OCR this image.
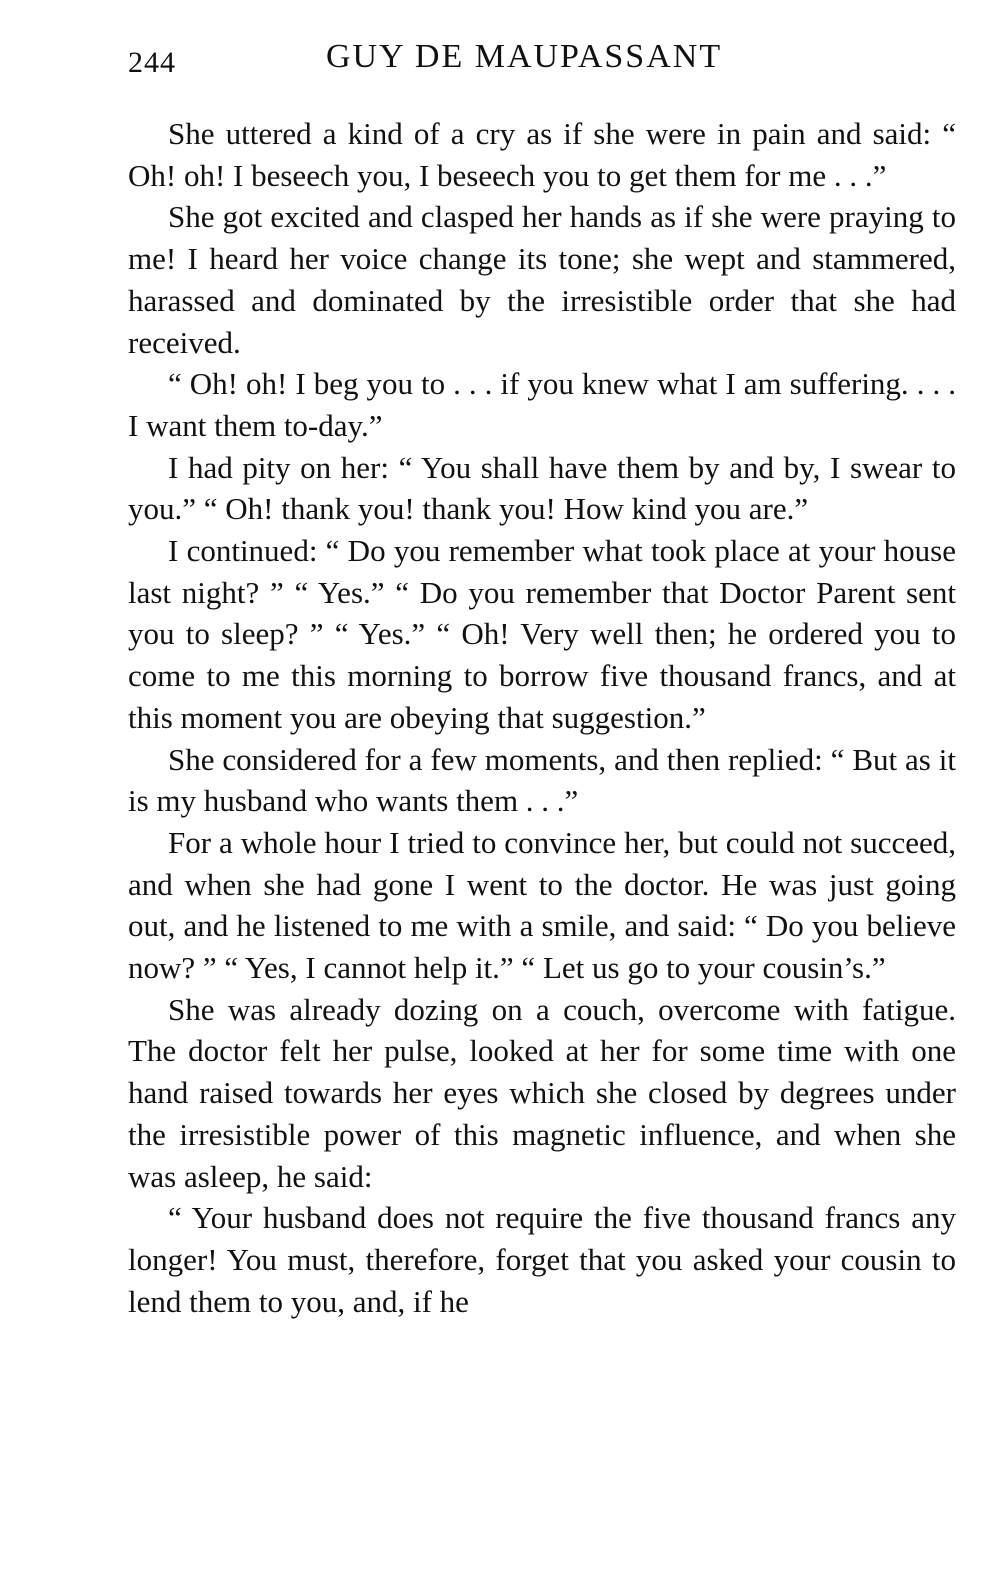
244	GUY DE MAUPASSANT

She uttered a kind of a cry as if she were in pain and said: “ Oh! oh! I beseech you, I beseech you to get them for me . . .”

She got excited and clasped her hands as if she were praying to me! I heard her voice change its tone; she wept and stammered, harassed and dominated by the irresistible order that she had received.

“ Oh! oh! I beg you to . . . if you knew what I am suffering. . . . I want them to-day.”

I had pity on her: “ You shall have them by and by, I swear to you.” “ Oh! thank you! thank you! How kind you are.”

I continued: “ Do you remember what took place at your house last night? ” “ Yes.” “ Do you remember that Doctor Parent sent you to sleep? ” “ Yes.” “ Oh! Very well then; he ordered you to come to me this morning to borrow five thousand francs, and at this moment you are obeying that suggestion.”

She considered for a few moments, and then replied: “ But as it is my husband who wants them . . .”

For a whole hour I tried to convince her, but could not succeed, and when she had gone I went to the doctor. He was just going out, and he listened to me with a smile, and said: “ Do you believe now? ” “ Yes, I cannot help it.” “ Let us go to your cousin’s.”

She was already dozing on a couch, overcome with fatigue. The doctor felt her pulse, looked at her for some time with one hand raised towards her eyes which she closed by degrees under the irresistible power of this magnetic influence, and when she was asleep, he said:

“ Your husband does not require the five thousand francs any longer! You must, therefore, forget that you asked your cousin to lend them to you, and, if he
